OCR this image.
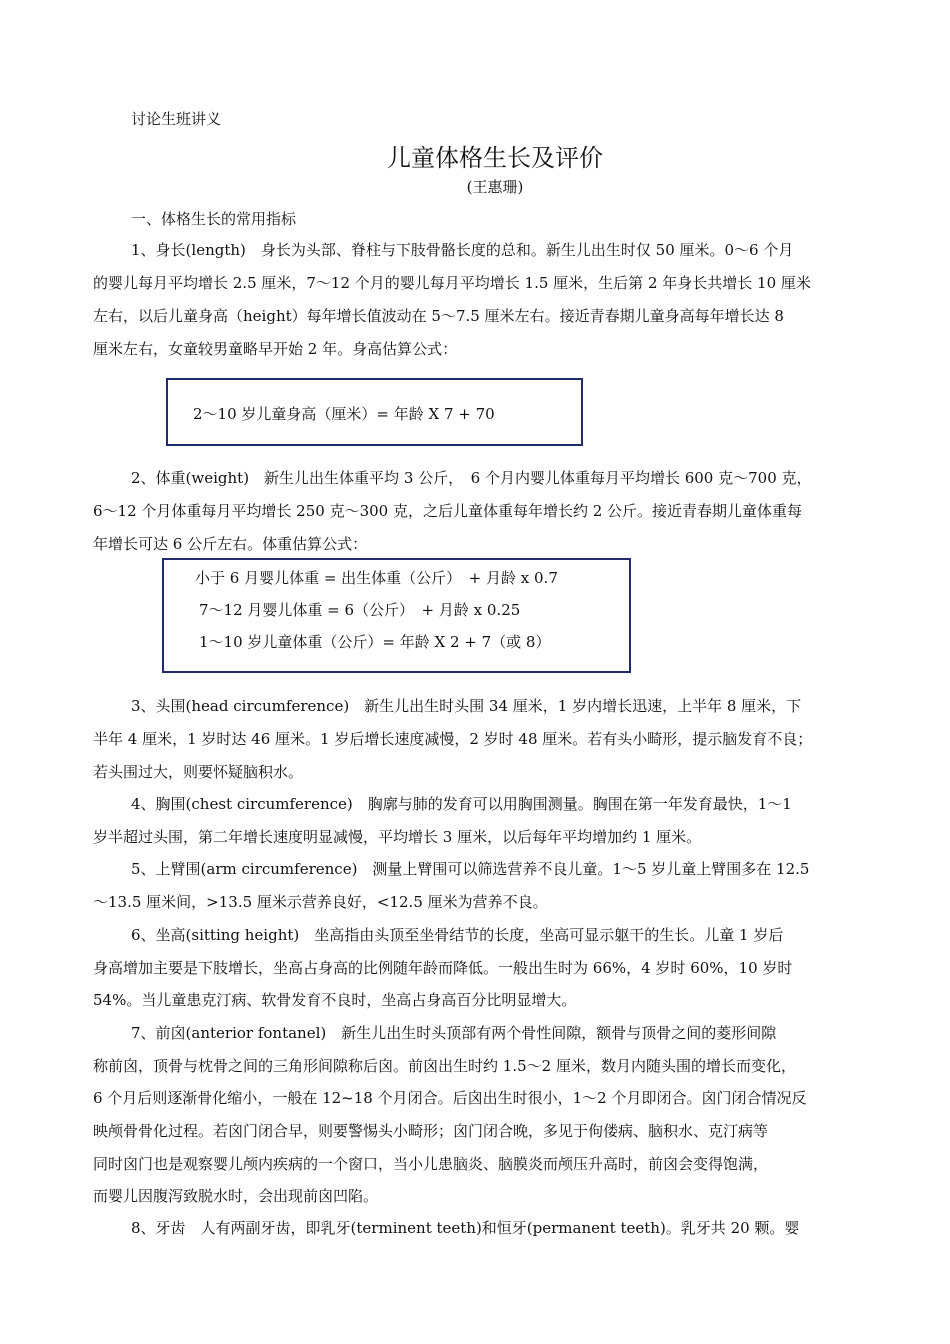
讨论生班讲义
儿童体格生长及评价
(王惠珊)
一、体格生长的常用指标
1、身长(length)　身长为头部、脊柱与下肢骨骼长度的总和。新生儿出生时仅 50 厘米。0～6 个月
的婴儿每月平均增长 2.5 厘米，7～12 个月的婴儿每月平均增长 1.5 厘米，生后第 2 年身长共增长 10 厘米
左右，以后儿童身高（height）每年增长值波动在 5～7.5 厘米左右。接近青春期儿童身高每年增长达 8
厘米左右，女童较男童略早开始 2 年。身高估算公式：
2～10 岁儿童身高（厘米）= 年龄 X 7 + 70
2、体重(weight)　新生儿出生体重平均 3 公斤，　6 个月内婴儿体重每月平均增长 600 克～700 克，
6～12 个月体重每月平均增长 250 克～300 克，之后儿童体重每年增长约 2 公斤。接近青春期儿童体重每
年增长可达 6 公斤左右。体重估算公式：
小于 6 月婴儿体重 = 出生体重（公斤）　+ 月龄 x 0.7
7～12 月婴儿体重 = 6（公斤）　+ 月龄 x 0.25
1～10 岁儿童体重（公斤）= 年龄 X 2 + 7（或 8）
3、头围(head circumference)　新生儿出生时头围 34 厘米，1 岁内增长迅速，上半年 8 厘米，下
半年 4 厘米，1 岁时达 46 厘米。1 岁后增长速度减慢，2 岁时 48 厘米。若有头小畸形，提示脑发育不良；
若头围过大，则要怀疑脑积水。
4、胸围(chest circumference)　胸廓与肺的发育可以用胸围测量。胸围在第一年发育最快，1～1
岁半超过头围，第二年增长速度明显减慢，平均增长 3 厘米，以后每年平均增加约 1 厘米。
5、上臂围(arm circumference)　测量上臂围可以筛选营养不良儿童。1～5 岁儿童上臂围多在 12.5
～13.5 厘米间，>13.5 厘米示营养良好，<12.5 厘米为营养不良。
6、坐高(sitting height)　坐高指由头顶至坐骨结节的长度，坐高可显示躯干的生长。儿童 1 岁后
身高增加主要是下肢增长，坐高占身高的比例随年龄而降低。一般出生时为 66%，4 岁时 60%，10 岁时
54%。当儿童患克汀病、软骨发育不良时，坐高占身高百分比明显增大。
7、前囟(anterior fontanel)　新生儿出生时头顶部有两个骨性间隙，额骨与顶骨之间的菱形间隙
称前囟，顶骨与枕骨之间的三角形间隙称后囟。前囟出生时约 1.5～2 厘米，数月内随头围的增长而变化，
6 个月后则逐渐骨化缩小，一般在 12~18 个月闭合。后囟出生时很小，1～2 个月即闭合。囟门闭合情况反
映颅骨骨化过程。若囟门闭合早，则要警惕头小畸形；囟门闭合晚，多见于佝偻病、脑积水、克汀病等
同时囟门也是观察婴儿颅内疾病的一个窗口，当小儿患脑炎、脑膜炎而颅压升高时，前囟会变得饱满，
而婴儿因腹泻致脱水时，会出现前囟凹陷。
8、牙齿　人有两副牙齿，即乳牙(terminent teeth)和恒牙(permanent teeth)。乳牙共 20 颗。婴
